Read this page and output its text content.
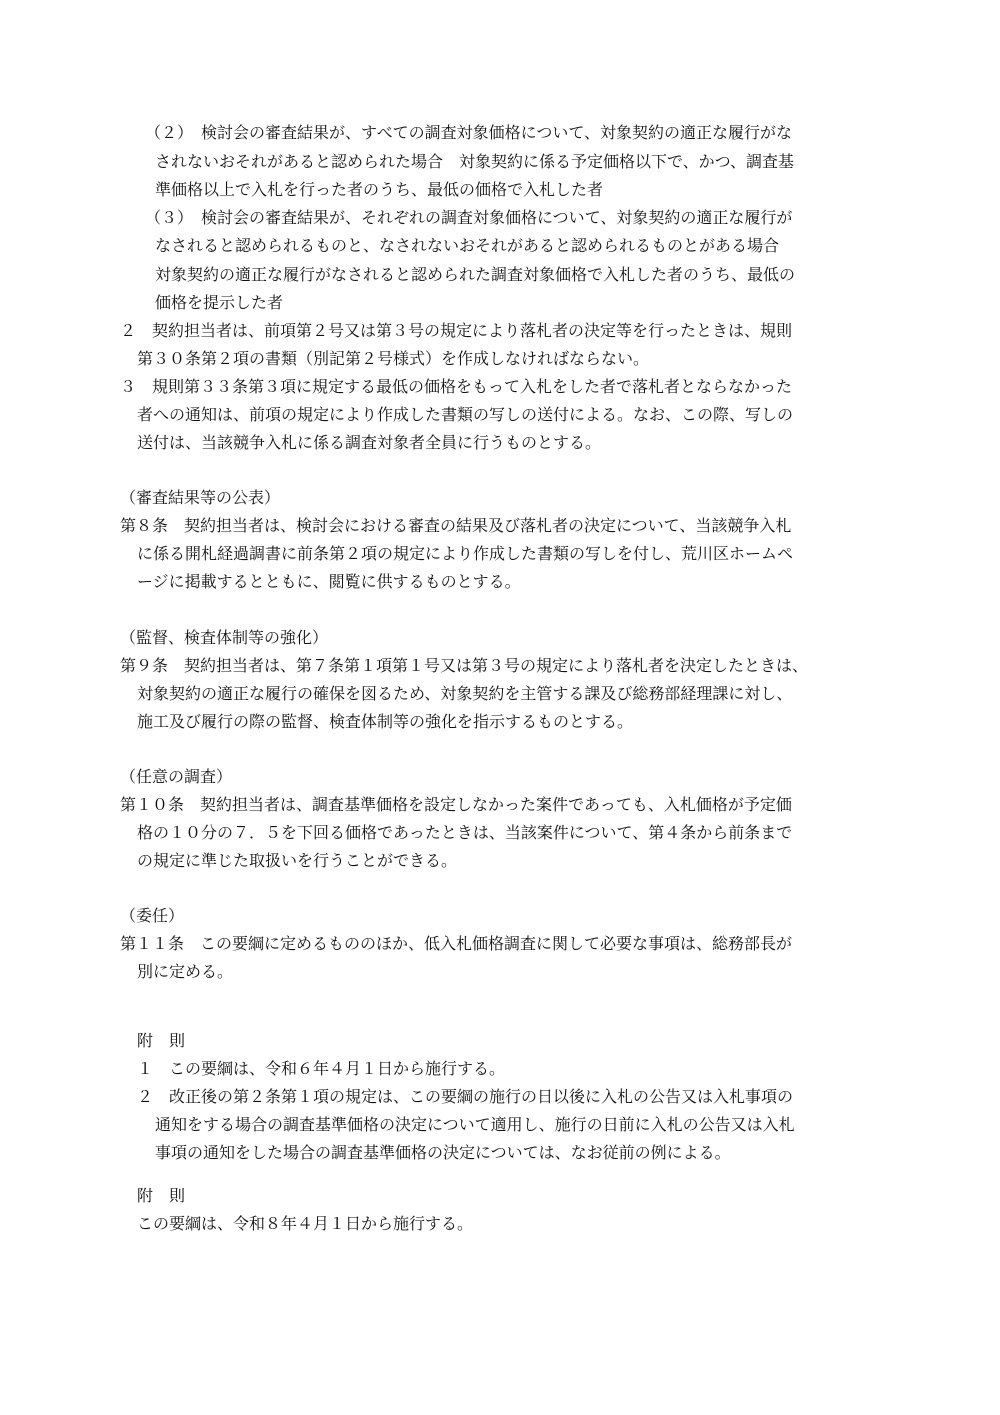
（２）　検討会の審査結果が、すべての調査対象価格について、対象契約の適正な履行がな
されないおそれがあると認められた場合　対象契約に係る予定価格以下で、かつ、調査基
準価格以上で入札を行った者のうち、最低の価格で入札した者
（３）　検討会の審査結果が、それぞれの調査対象価格について、対象契約の適正な履行が
なされると認められるものと、なされないおそれがあると認められるものとがある場合
対象契約の適正な履行がなされると認められた調査対象価格で入札した者のうち、最低の
価格を提示した者
２　契約担当者は、前項第２号又は第３号の規定により落札者の決定等を行ったときは、規則
第３０条第２項の書類（別記第２号様式）を作成しなければならない。
３　規則第３３条第３項に規定する最低の価格をもって入札をした者で落札者とならなかった
者への通知は、前項の規定により作成した書類の写しの送付による。なお、この際、写しの
送付は、当該競争入札に係る調査対象者全員に行うものとする。
（審査結果等の公表）
第８条　契約担当者は、検討会における審査の結果及び落札者の決定について、当該競争入札
に係る開札経過調書に前条第２項の規定により作成した書類の写しを付し、荒川区ホームペ
ージに掲載するとともに、閲覧に供するものとする。
（監督、検査体制等の強化）
第９条　契約担当者は、第７条第１項第１号又は第３号の規定により落札者を決定したときは、
対象契約の適正な履行の確保を図るため、対象契約を主管する課及び総務部経理課に対し、
施工及び履行の際の監督、検査体制等の強化を指示するものとする。
（任意の調査）
第１０条　契約担当者は、調査基準価格を設定しなかった案件であっても、入札価格が予定価
格の１０分の７．５を下回る価格であったときは、当該案件について、第４条から前条まで
の規定に準じた取扱いを行うことができる。
（委任）
第１１条　この要綱に定めるもののほか、低入札価格調査に関して必要な事項は、総務部長が
別に定める。
附　則
１　この要綱は、令和６年４月１日から施行する。
２　改正後の第２条第１項の規定は、この要綱の施行の日以後に入札の公告又は入札事項の
通知をする場合の調査基準価格の決定について適用し、施行の日前に入札の公告又は入札
事項の通知をした場合の調査基準価格の決定については、なお従前の例による。
附　則
この要綱は、令和８年４月１日から施行する。
